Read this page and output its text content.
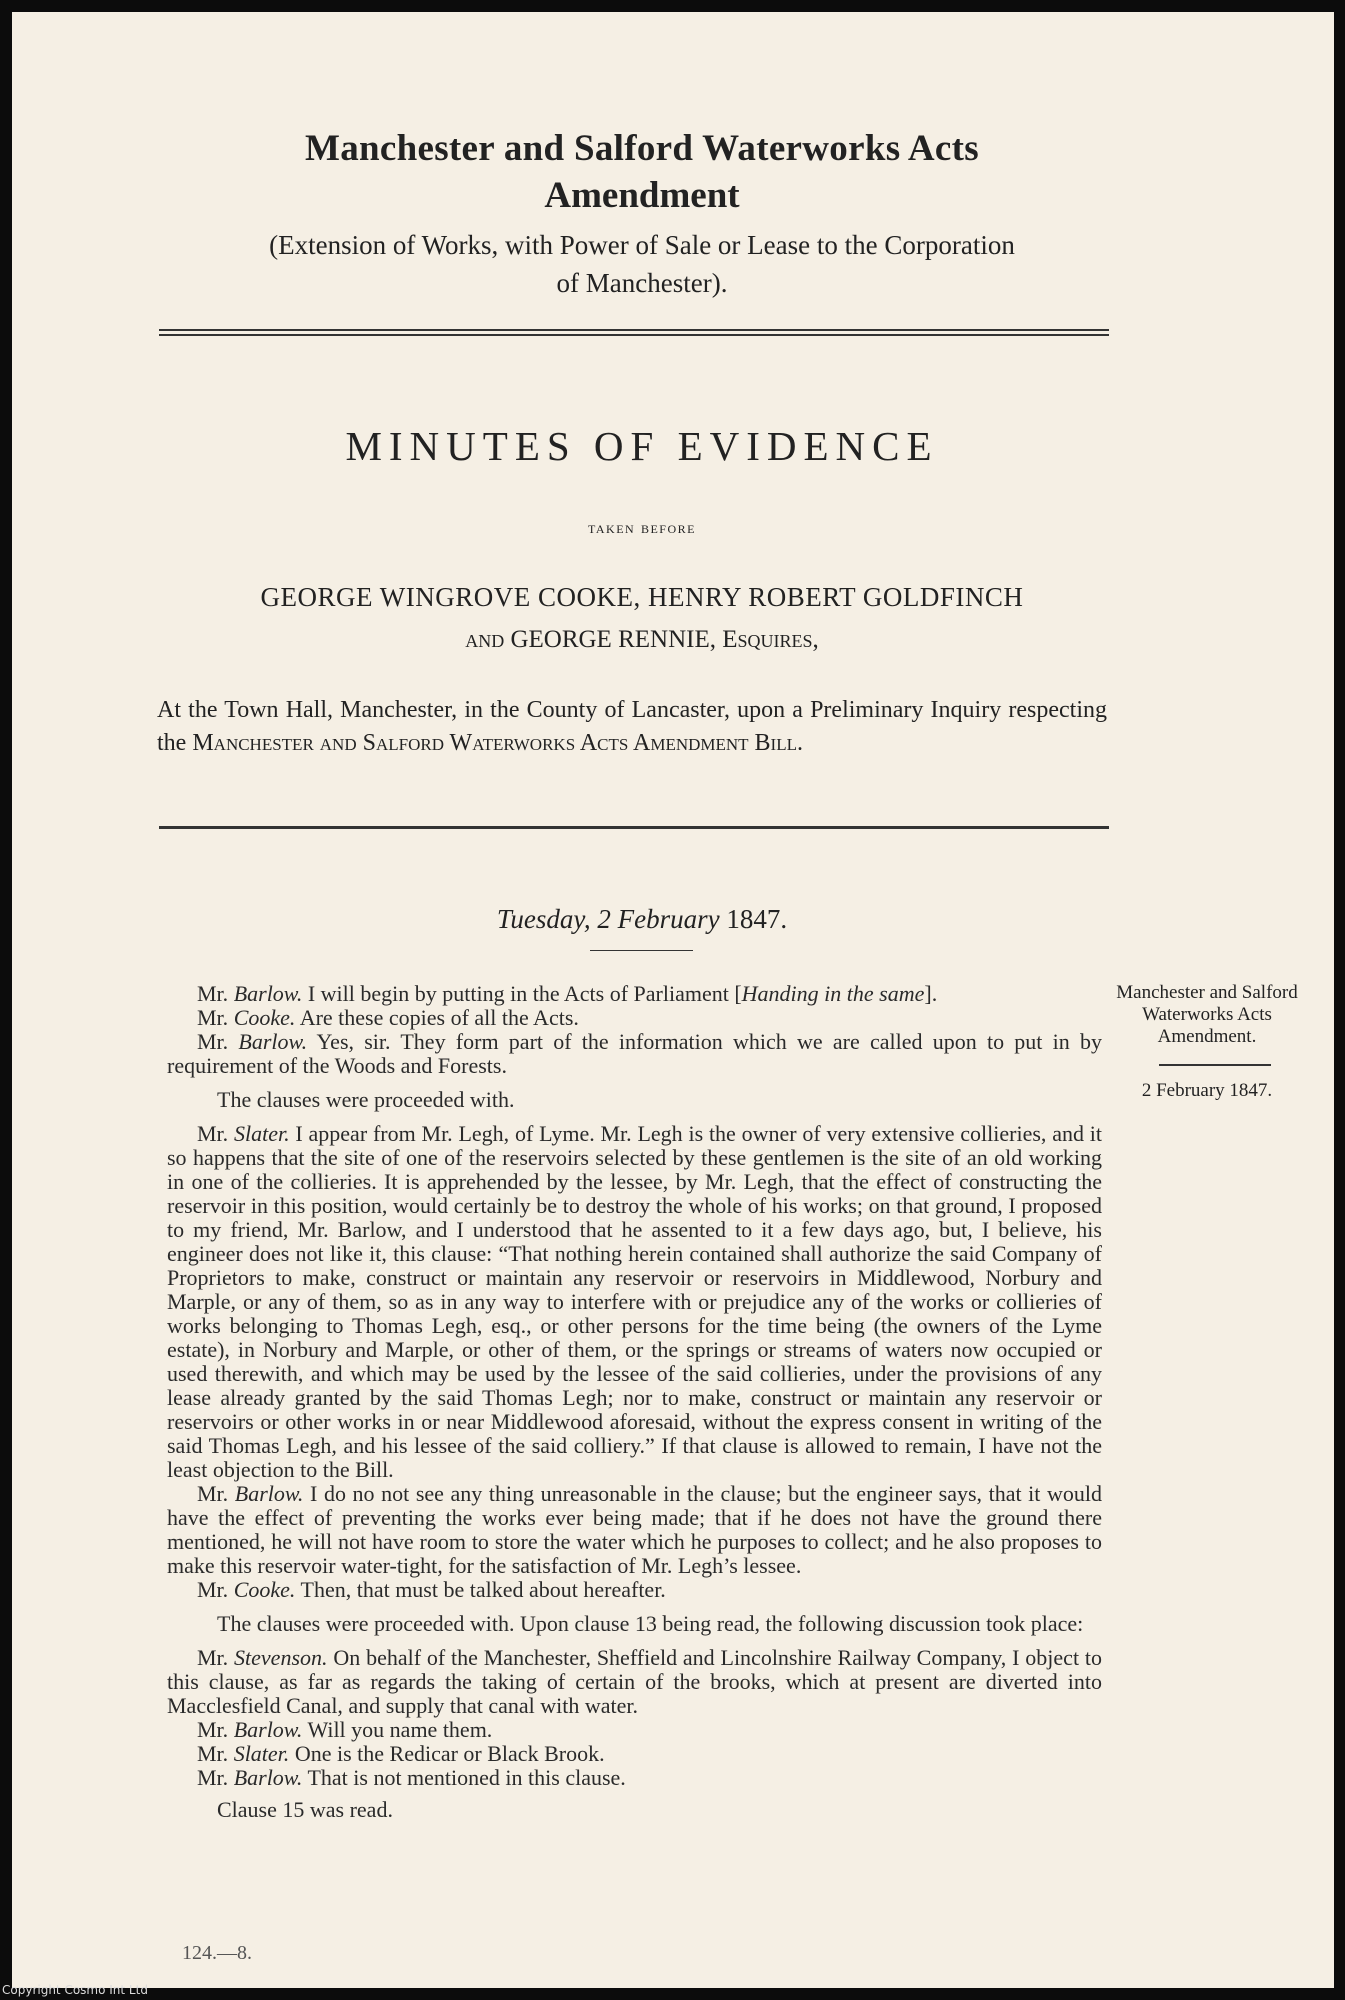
Manchester and Salford Waterworks Acts
Amendment
(Extension of Works, with Power of Sale or Lease to the Corporation
of Manchester).
MINUTES OF EVIDENCE
taken before
GEORGE WINGROVE COOKE, HENRY ROBERT GOLDFINCH
and GEORGE RENNIE, Esquires,
At the Town Hall, Manchester, in the County of Lancaster, upon a Preliminary Inquiry respecting the Manchester and Salford Waterworks Acts Amendment Bill.
Tuesday, 2 February 1847.
Manchester and Salford Waterworks Acts Amendment.
2 February 1847.
Mr. Barlow. I will begin by putting in the Acts of Parliament [Handing in the same].
Mr. Cooke. Are these copies of all the Acts.
Mr. Barlow. Yes, sir. They form part of the information which we are called upon to put in by requirement of the Woods and Forests.
The clauses were proceeded with.
Mr. Slater. I appear from Mr. Legh, of Lyme. Mr. Legh is the owner of very extensive collieries, and it so happens that the site of one of the reservoirs selected by these gentlemen is the site of an old working in one of the collieries. It is apprehended by the lessee, by Mr. Legh, that the effect of constructing the reservoir in this position, would certainly be to destroy the whole of his works; on that ground, I proposed to my friend, Mr. Barlow, and I understood that he assented to it a few days ago, but, I believe, his engineer does not like it, this clause: “That nothing herein contained shall authorize the said Company of Proprietors to make, construct or maintain any reservoir or reservoirs in Middlewood, Norbury and Marple, or any of them, so as in any way to interfere with or prejudice any of the works or collieries of works belonging to Thomas Legh, esq., or other persons for the time being (the owners of the Lyme estate), in Norbury and Marple, or other of them, or the springs or streams of waters now occupied or used therewith, and which may be used by the lessee of the said collieries, under the provisions of any lease already granted by the said Thomas Legh; nor to make, construct or maintain any reservoir or reservoirs or other works in or near Middlewood aforesaid, without the express consent in writing of the said Thomas Legh, and his lessee of the said colliery.” If that clause is allowed to remain, I have not the least objection to the Bill.
Mr. Barlow. I do no not see any thing unreasonable in the clause; but the engineer says, that it would have the effect of preventing the works ever being made; that if he does not have the ground there mentioned, he will not have room to store the water which he purposes to collect; and he also proposes to make this reservoir water-tight, for the satisfaction of Mr. Legh’s lessee.
Mr. Cooke. Then, that must be talked about hereafter.
The clauses were proceeded with. Upon clause 13 being read, the following discussion took place:
Mr. Stevenson. On behalf of the Manchester, Sheffield and Lincolnshire Railway Company, I object to this clause, as far as regards the taking of certain of the brooks, which at present are diverted into Macclesfield Canal, and supply that canal with water.
Mr. Barlow. Will you name them.
Mr. Slater. One is the Redicar or Black Brook.
Mr. Barlow. That is not mentioned in this clause.
Clause 15 was read.
124.—8.
Copyright Cosmo Int Ltd
